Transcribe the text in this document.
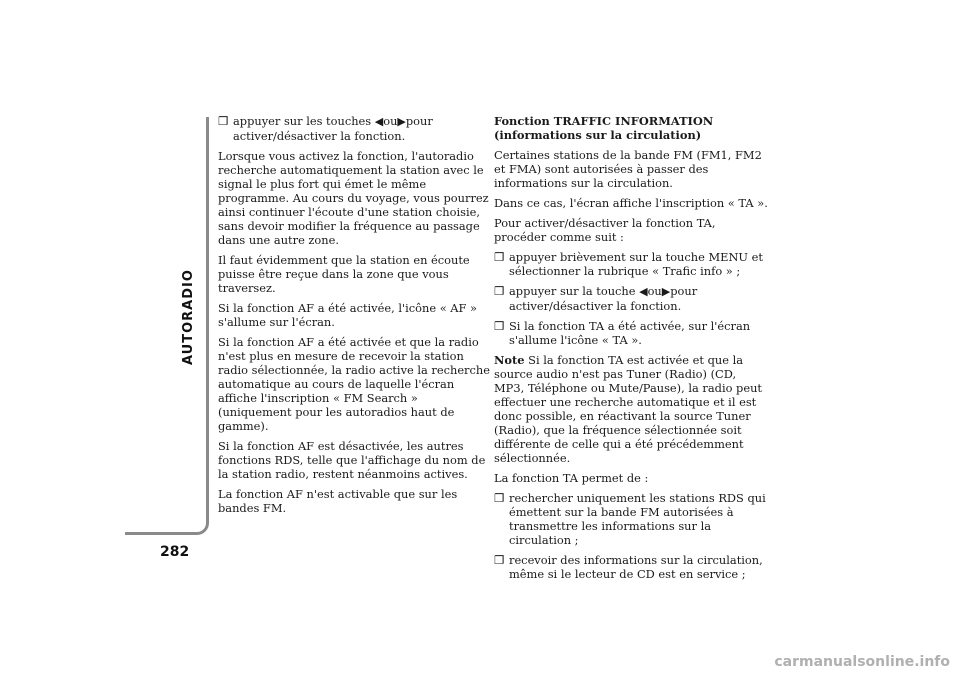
AUTORADIO
282

❒ appuyer sur les touches ◀ou▶pour activer/désactiver la fonction.

Lorsque vous activez la fonction, l'autoradio recherche automatiquement la station avec le signal le plus fort qui émet le même programme. Au cours du voyage, vous pourrez ainsi continuer l'écoute d'une station choisie, sans devoir modifier la fréquence au passage dans une autre zone.

Il faut évidemment que la station en écoute puisse être reçue dans la zone que vous traversez.

Si la fonction AF a été activée, l'icône « AF » s'allume sur l'écran.

Si la fonction AF a été activée et que la radio n'est plus en mesure de recevoir la station radio sélectionnée, la radio active la recherche automatique au cours de laquelle l'écran affiche l'inscription « FM Search » (uniquement pour les autoradios haut de gamme).

Si la fonction AF est désactivée, les autres fonctions RDS, telle que l'affichage du nom de la station radio, restent néanmoins actives.

La fonction AF n'est activable que sur les bandes FM.

Fonction TRAFFIC INFORMATION (informations sur la circulation)

Certaines stations de la bande FM (FM1, FM2 et FMA) sont autorisées à passer des informations sur la circulation.

Dans ce cas, l'écran affiche l'inscription « TA ».

Pour activer/désactiver la fonction TA, procéder comme suit :

❒ appuyer brièvement sur la touche MENU et sélectionner la rubrique « Trafic info » ;

❒ appuyer sur la touche ◀ou▶pour activer/désactiver la fonction.

❒ Si la fonction TA a été activée, sur l'écran s'allume l'icône « TA ».

Note Si la fonction TA est activée et que la source audio n'est pas Tuner (Radio) (CD, MP3, Téléphone ou Mute/Pause), la radio peut effectuer une recherche automatique et il est donc possible, en réactivant la source Tuner (Radio), que la fréquence sélectionnée soit différente de celle qui a été précédemment sélectionnée.

La fonction TA permet de :

❒ rechercher uniquement les stations RDS qui émettent sur la bande FM autorisées à transmettre les informations sur la circulation ;

❒ recevoir des informations sur la circulation, même si le lecteur de CD est en service ;

carmanualsonline.info
